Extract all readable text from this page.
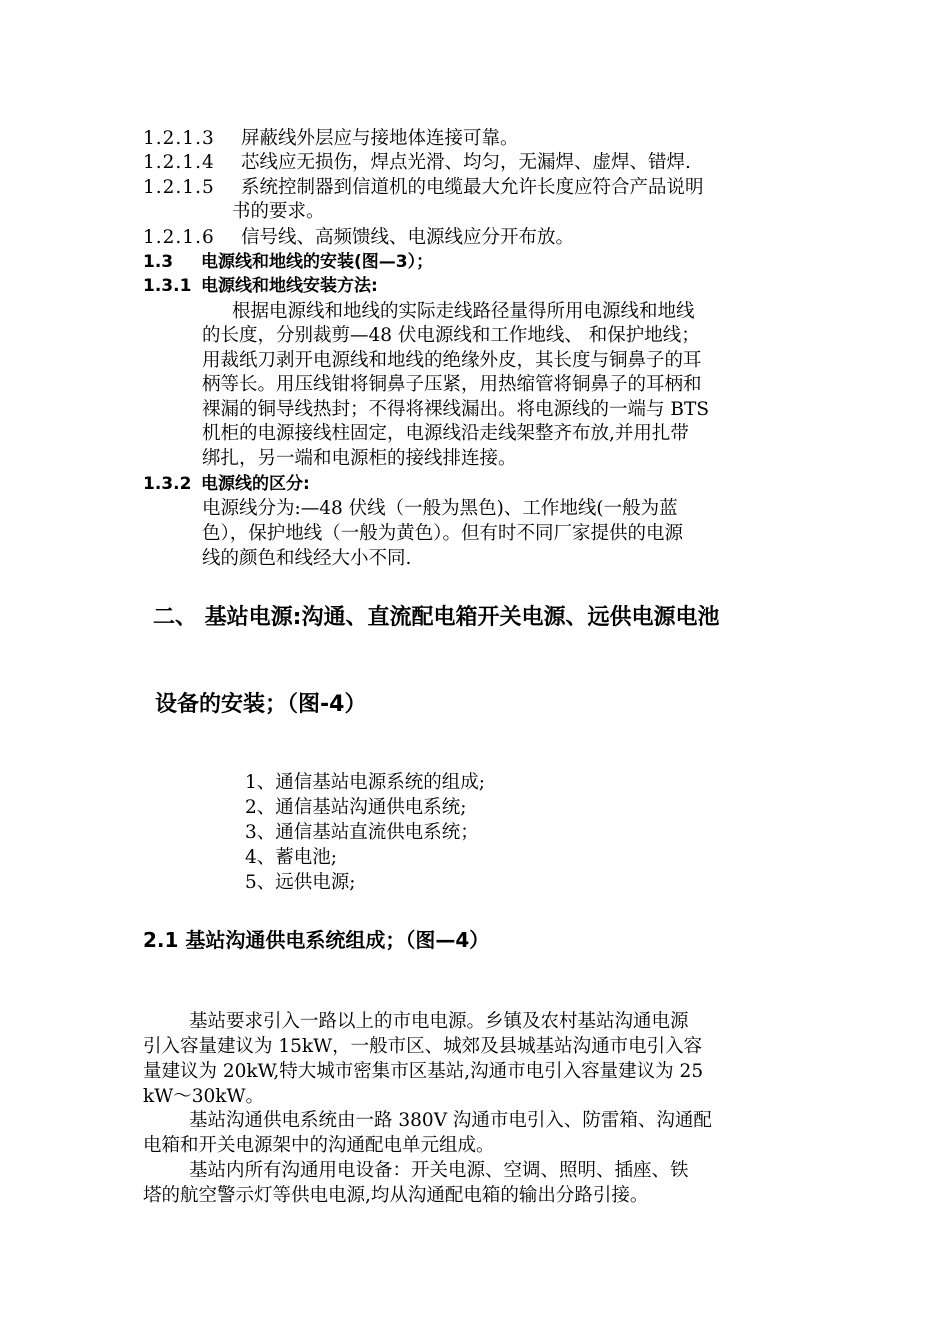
1.2.1.3 屏蔽线外层应与接地体连接可靠。
1.2.1.4 芯线应无损伤，焊点光滑、均匀，无漏焊、虚焊、错焊.
1.2.1.5 系统控制器到信道机的电缆最大允许长度应符合产品说明
书的要求。
1.2.1.6 信号线、高频馈线、电源线应分开布放。
1.3 电源线和地线的安装(图—3）；
1.3.1 电源线和地线安装方法:
根据电源线和地线的实际走线路径量得所用电源线和地线
的长度，分别裁剪—48 伏电源线和工作地线、 和保护地线；
用裁纸刀剥开电源线和地线的绝缘外皮，其长度与铜鼻子的耳
柄等长。用压线钳将铜鼻子压紧，用热缩管将铜鼻子的耳柄和
裸漏的铜导线热封；不得将裸线漏出。将电源线的一端与 BTS
机柜的电源接线柱固定，电源线沿走线架整齐布放,并用扎带
绑扎，另一端和电源柜的接线排连接。
1.3.2 电源线的区分:
电源线分为:—48 伏线（一般为黑色)、工作地线(一般为蓝
色），保护地线（一般为黄色）。但有时不同厂家提供的电源
线的颜色和线经大小不同.
二、 基站电源:沟通、直流配电箱开关电源、远供电源电池
设备的安装；（图-4）
1、通信基站电源系统的组成;
2、通信基站沟通供电系统;
3、通信基站直流供电系统；
4、蓄电池;
5、远供电源;
2.1 基站沟通供电系统组成；（图—4）
基站要求引入一路以上的市电电源。乡镇及农村基站沟通电源
引入容量建议为 15kW，一般市区、城郊及县城基站沟通市电引入容
量建议为 20kW,特大城市密集市区基站,沟通市电引入容量建议为 25
kW～30kW。
基站沟通供电系统由一路 380V 沟通市电引入、防雷箱、沟通配
电箱和开关电源架中的沟通配电单元组成。
基站内所有沟通用电设备：开关电源、空调、照明、插座、铁
塔的航空警示灯等供电电源,均从沟通配电箱的输出分路引接。
